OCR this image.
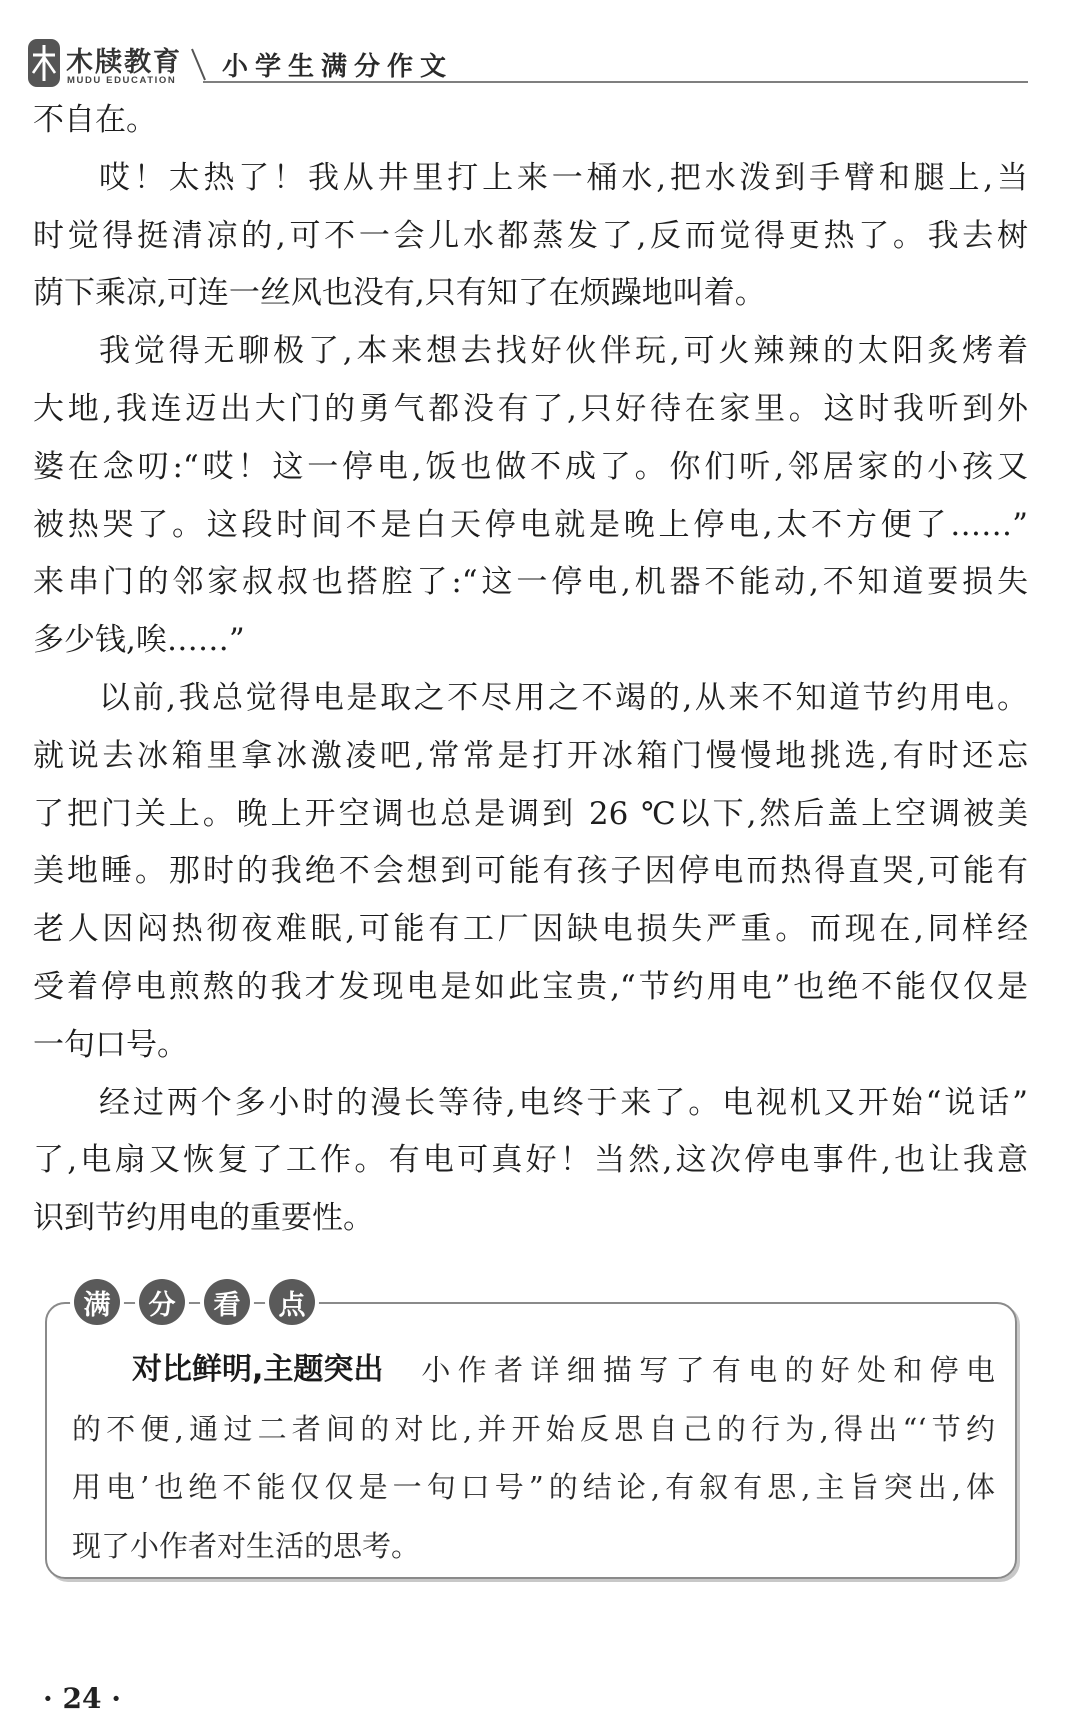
木牍教育
MUDU EDUCATION 小学生满分作文
不自在。
哎！太热了！我从井里打上来一桶水,把水泼到手臂和腿上,当
时觉得挺清凉的,可不一会儿水都蒸发了,反而觉得更热了。我去树
荫下乘凉,可连一丝风也没有,只有知了在烦躁地叫着。
我觉得无聊极了,本来想去找好伙伴玩,可火辣辣的太阳炙烤着
大地,我连迈出大门的勇气都没有了,只好待在家里。这时我听到外
婆在念叨:“哎！这一停电,饭也做不成了。你们听,邻居家的小孩又
被热哭了。这段时间不是白天停电就是晚上停电,太不方便了……”
来串门的邻家叔叔也搭腔了:“这一停电,机器不能动,不知道要损失
多少钱,唉……”
以前,我总觉得电是取之不尽用之不竭的,从来不知道节约用电。
就说去冰箱里拿冰激凌吧,常常是打开冰箱门慢慢地挑选,有时还忘
了把门关上。晚上开空调也总是调到 26 ℃以下,然后盖上空调被美
美地睡。那时的我绝不会想到可能有孩子因停电而热得直哭,可能有
老人因闷热彻夜难眠,可能有工厂因缺电损失严重。而现在,同样经
受着停电煎熬的我才发现电是如此宝贵,“节约用电”也绝不能仅仅是
一句口号。
经过两个多小时的漫长等待,电终于来了。电视机又开始“说话”
了,电扇又恢复了工作。有电可真好！当然,这次停电事件,也让我意
识到节约用电的重要性。
对比鲜明,主题突出 小作者详细描写了有电的好处和停电
的不便,通过二者间的对比,并开始反思自己的行为,得出“‘节约
用电’也绝不能仅仅是一句口号”的结论,有叙有思,主旨突出,体
现了小作者对生活的思考。
满	分	看	点
· 24 ·
